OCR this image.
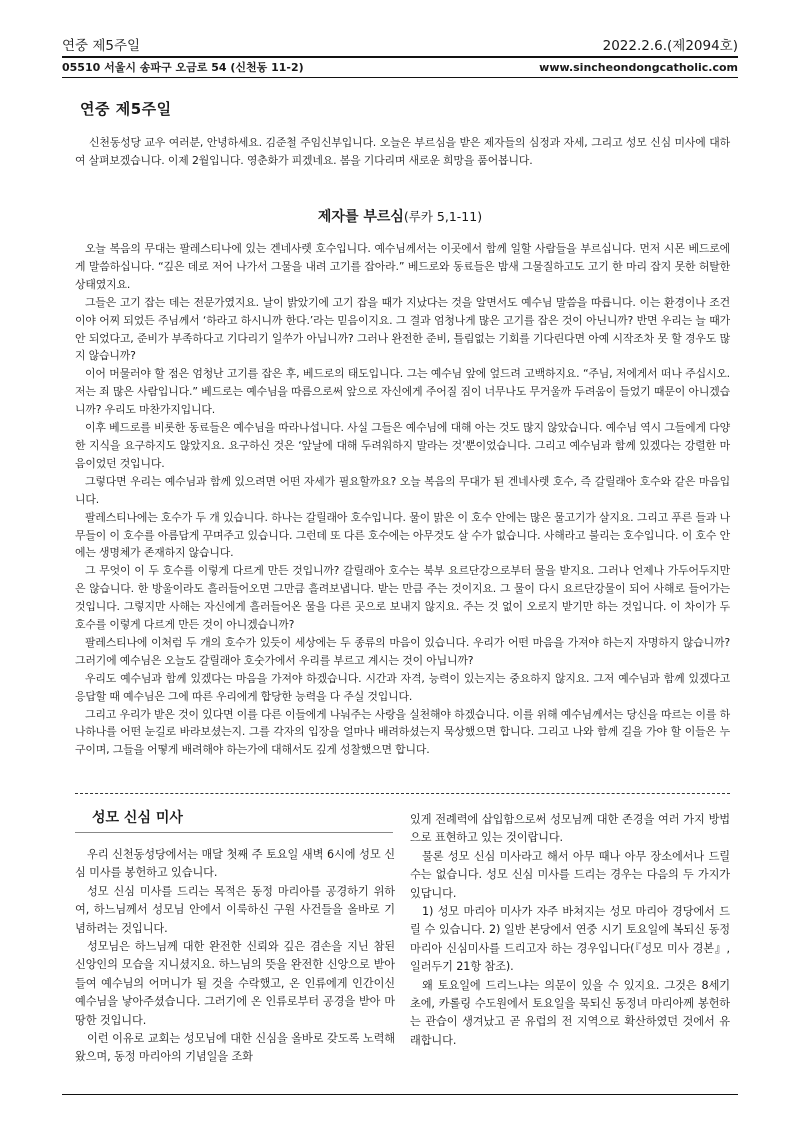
연중 제5주일	2022.2.6.(제2094호)
05510 서울시 송파구 오금로 54 (신천동 11-2)	www.sincheondongcatholic.com
연중 제5주일

신천동성당 교우 여러분, 안녕하세요. 김준철 주임신부입니다. 오늘은 부르심을 받은 제자들의 심정과 자세, 그리고 성모 신심 미사에 대하여 살펴보겠습니다. 이제 2월입니다. 영춘화가 피겠네요. 봄을 기다리며 새로운 희망을 품어봅니다.

제자를 부르심(루카 5,1-11)

오늘 복음의 무대는 팔레스티나에 있는 겐네사렛 호수입니다. 예수님께서는 이곳에서 함께 일할 사람들을 부르십니다. 먼저 시몬 베드로에게 말씀하십니다. “깊은 데로 저어 나가서 그물을 내려 고기를 잡아라.” 베드로와 동료들은 밤새 그물질하고도 고기 한 마리 잡지 못한 허탈한 상태였지요.

그들은 고기 잡는 데는 전문가였지요. 날이 밝았기에 고기 잡을 때가 지났다는 것을 알면서도 예수님 말씀을 따릅니다. 이는 환경이나 조건이야 어찌 되었든 주님께서 ‘하라고 하시니까 한다.’라는 믿음이지요. 그 결과 엄청나게 많은 고기를 잡은 것이 아닌니까? 반면 우리는 늘 때가 안 되었다고, 준비가 부족하다고 기다리기 일쑤가 아닙니까? 그러나 완전한 준비, 틀림없는 기회를 기다린다면 아예 시작조차 못 할 경우도 많지 않습니까?

이어 머물러야 할 점은 엄청난 고기를 잡은 후, 베드로의 태도입니다. 그는 예수님 앞에 엎드려 고백하지요. “주님, 저에게서 떠나 주십시오. 저는 죄 많은 사람입니다.” 베드로는 예수님을 따름으로써 앞으로 자신에게 주어질 짐이 너무나도 무거울까 두려움이 들었기 때문이 아니겠습니까? 우리도 마찬가지입니다.

이후 베드로를 비롯한 동료들은 예수님을 따라나섭니다. 사실 그들은 예수님에 대해 아는 것도 많지 않았습니다. 예수님 역시 그들에게 다양한 지식을 요구하지도 않았지요. 요구하신 것은 ‘앞날에 대해 두려워하지 말라는 것’뿐이었습니다. 그리고 예수님과 함께 있겠다는 강렬한 마음이었던 것입니다.

그렇다면 우리는 예수님과 함께 있으려면 어떤 자세가 필요할까요? 오늘 복음의 무대가 된 겐네사렛 호수, 즉 갈릴래아 호수와 같은 마음입니다.

팔레스티나에는 호수가 두 개 있습니다. 하나는 갈릴래아 호수입니다. 물이 맑은 이 호수 안에는 많은 물고기가 살지요. 그리고 푸른 들과 나무들이 이 호수를 아름답게 꾸며주고 있습니다. 그런데 또 다른 호수에는 아무것도 살 수가 없습니다. 사해라고 불리는 호수입니다. 이 호수 안에는 생명체가 존재하지 않습니다.

그 무엇이 이 두 호수를 이렇게 다르게 만든 것입니까? 갈릴래아 호수는 북부 요르단강으로부터 물을 받지요. 그러나 언제나 가두어두지만은 않습니다. 한 방울이라도 흘러들어오면 그만큼 흘려보냅니다. 받는 만큼 주는 것이지요. 그 물이 다시 요르단강물이 되어 사해로 들어가는 것입니다. 그렇지만 사해는 자신에게 흘러들어온 물을 다른 곳으로 보내지 않지요. 주는 것 없이 오로지 받기만 하는 것입니다. 이 차이가 두 호수를 이렇게 다르게 만든 것이 아니겠습니까?

팔레스티나에 이처럼 두 개의 호수가 있듯이 세상에는 두 종류의 마음이 있습니다. 우리가 어떤 마음을 가져야 하는지 자명하지 않습니까? 그러기에 예수님은 오늘도 갈릴래아 호숫가에서 우리를 부르고 계시는 것이 아닙니까?

우리도 예수님과 함께 있겠다는 마음을 가져야 하겠습니다. 시간과 자격, 능력이 있는지는 중요하지 않지요. 그저 예수님과 함께 있겠다고 응답할 때 예수님은 그에 따른 우리에게 합당한 능력을 다 주실 것입니다.

그리고 우리가 받은 것이 있다면 이를 다른 이들에게 나눠주는 사랑을 실천해야 하겠습니다. 이를 위해 예수님께서는 당신을 따르는 이를 하나하나를 어떤 눈길로 바라보셨는지. 그를 각자의 입장을 얼마나 배려하셨는지 묵상했으면 합니다. 그리고 나와 함께 길을 가야 할 이들은 누구이며, 그들을 어떻게 배려해야 하는가에 대해서도 깊게 성찰했으면 합니다.

성모 신심 미사

우리 신천동성당에서는 매달 첫째 주 토요일 새벽 6시에 성모 신심 미사를 봉헌하고 있습니다.

성모 신심 미사를 드리는 목적은 동정 마리아를 공경하기 위하여, 하느님께서 성모님 안에서 이룩하신 구원 사건들을 올바로 기념하려는 것입니다.

성모님은 하느님께 대한 완전한 신뢰와 깊은 겸손을 지닌 참된 신앙인의 모습을 지니셨지요. 하느님의 뜻을 완전한 신앙으로 받아들여 예수님의 어머니가 될 것을 수락했고, 온 인류에게 인간이신 예수님을 낳아주셨습니다. 그러기에 온 인류로부터 공경을 받아 마땅한 것입니다.

이런 이유로 교회는 성모님에 대한 신심을 올바로 갖도록 노력해 왔으며, 동정 마리아의 기념일을 조화

있게 전례력에 삽입함으로써 성모님께 대한 존경을 여러 가지 방법으로 표현하고 있는 것이랍니다.

물론 성모 신심 미사라고 해서 아무 때나 아무 장소에서나 드릴 수는 없습니다. 성모 신심 미사를 드리는 경우는 다음의 두 가지가 있답니다.

1) 성모 마리아 미사가 자주 바쳐지는 성모 마리아 경당에서 드릴 수 있습니다. 2) 일반 본당에서 연중 시기 토요일에 복되신 동정 마리아 신심미사를 드리고자 하는 경우입니다(『성모 미사 경본』, 일러두기 21항 참조).

왜 토요일에 드리느냐는 의문이 있을 수 있지요. 그것은 8세기 초에, 카롤링 수도원에서 토요일을 묵되신 동정녀 마리아께 봉헌하는 관습이 생겨났고 곧 유럽의 전 지역으로 확산하였던 것에서 유래합니다.
